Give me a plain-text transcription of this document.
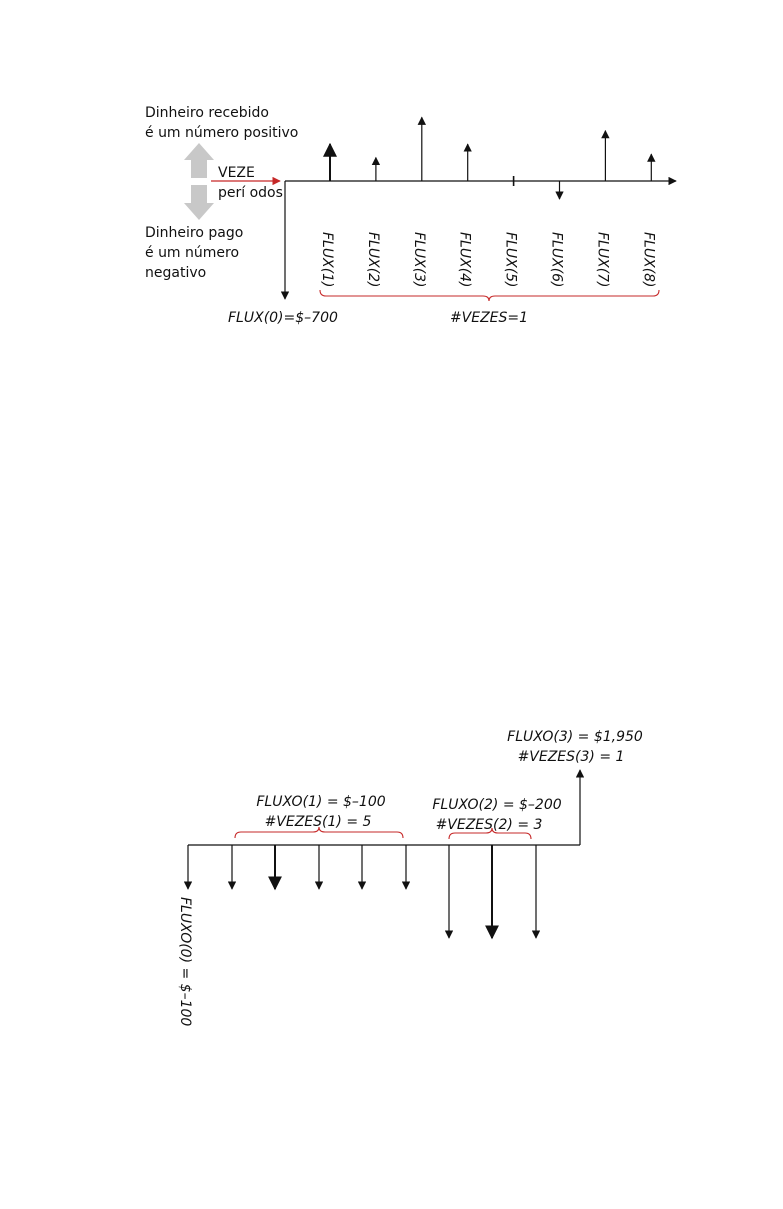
Dinheiro recebido
é um número positivo
VEZE
perí odos
Dinheiro pago
é um número
negativo
FLUX(0)=$–700
FLUX(1) FLUX(2) FLUX(3) FLUX(4) FLUX(5) FLUX(6) FLUX(7) FLUX(8)
#VEZES=1
FLUXO(0) = $–100
FLUXO(1) = $–100
#VEZES(1) = 5
FLUXO(2) = $–200
#VEZES(2) = 3
FLUXO(3) = $1,950
#VEZES(3) = 1
